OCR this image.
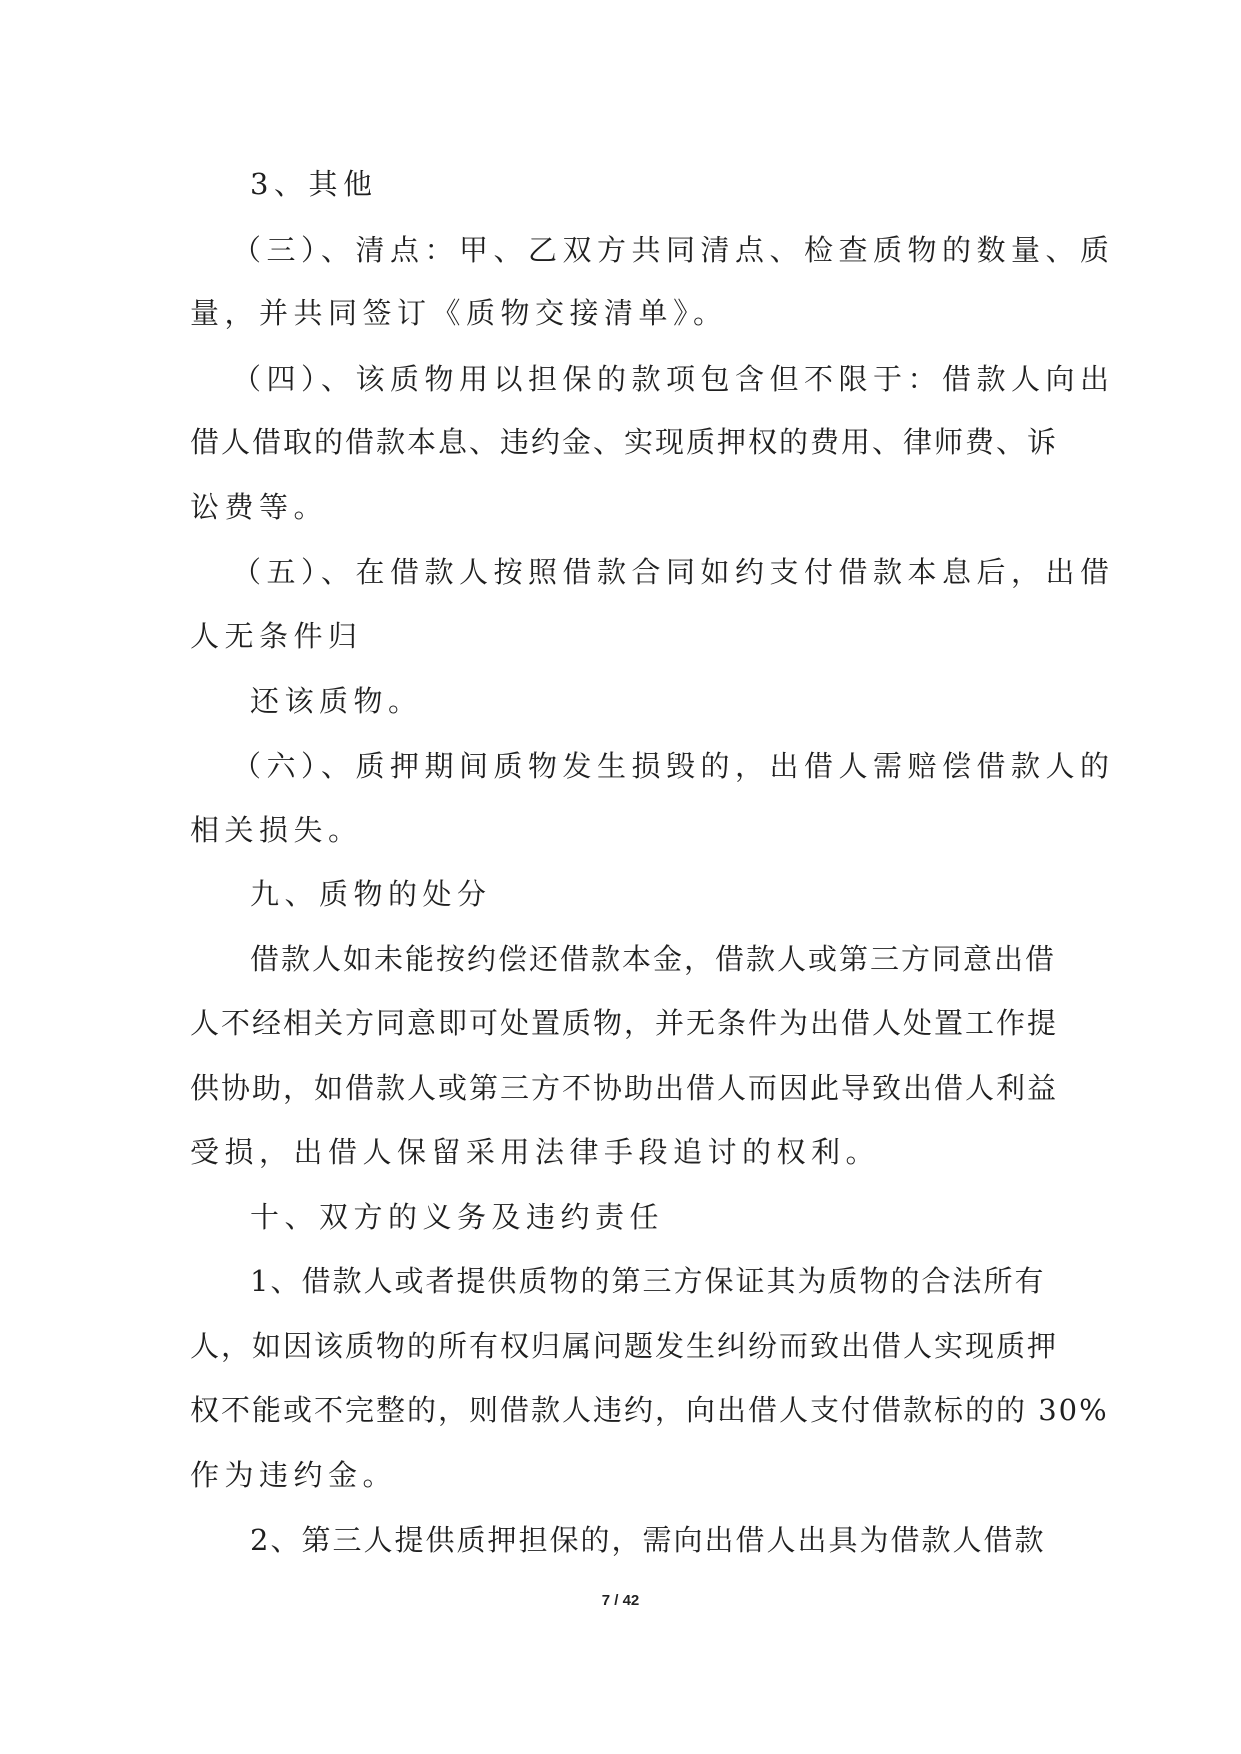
3、其他
（三）、清点：甲、乙双方共同清点、检查质物的数量、质
量，并共同签订《质物交接清单》。
（四）、该质物用以担保的款项包含但不限于：借款人向出
借人借取的借款本息、违约金、实现质押权的费用、律师费、诉
讼费等。
（五）、在借款人按照借款合同如约支付借款本息后，出借
人无条件归
还该质物。
（六）、质押期间质物发生损毁的，出借人需赔偿借款人的
相关损失。
九、质物的处分
借款人如未能按约偿还借款本金，借款人或第三方同意出借
人不经相关方同意即可处置质物，并无条件为出借人处置工作提
供协助，如借款人或第三方不协助出借人而因此导致出借人利益
受损，出借人保留采用法律手段追讨的权利。
十、双方的义务及违约责任
1、借款人或者提供质物的第三方保证其为质物的合法所有
人，如因该质物的所有权归属问题发生纠纷而致出借人实现质押
权不能或不完整的，则借款人违约，向出借人支付借款标的的 30%
作为违约金。
2、第三人提供质押担保的，需向出借人出具为借款人借款
7 / 42
